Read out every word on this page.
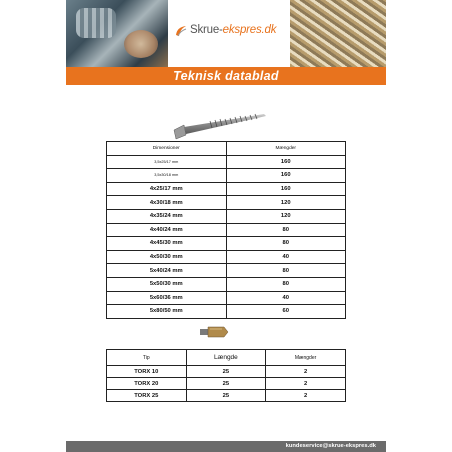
Skrue-ekspres.dk
Teknisk datablad
Dimensioner	Mængder
3,5x25/17 mm	160
3,5x30/18 mm	160
4x25/17 mm	160
4x30/18 mm	120
4x35/24 mm	120
4x40/24 mm	80
4x45/30 mm	80
4x50/30 mm	40
5x40/24 mm	80
5x50/30 mm	80
5x60/36 mm	40
5x80/50 mm	60
Tip	Længde	Mængder
TORX 10	25	2
TORX 20	25	2
TORX 25	25	2
kundeservice@skrue-ekspres.dk
